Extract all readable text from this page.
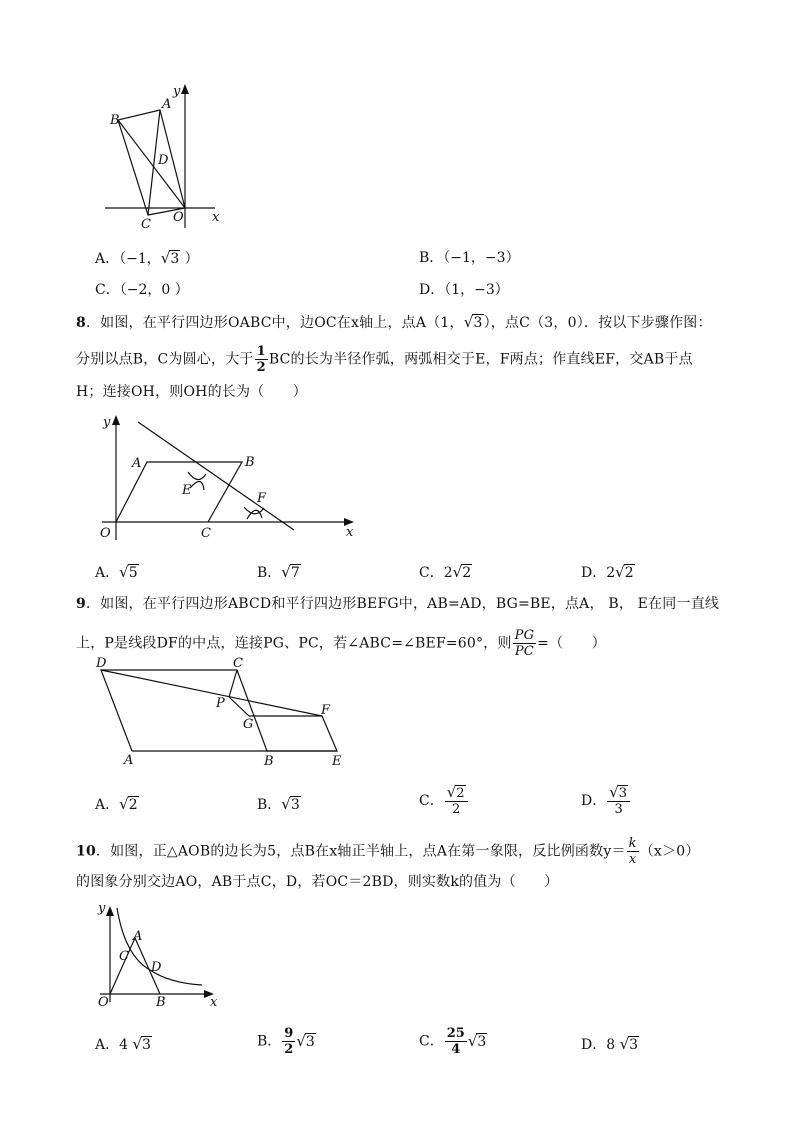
y
x
A
B
C
D
O
A．（−1，√3 ）	B．（−1，−3）
C．（−2，0 ）	D．（1，−3）
8．如图，在平行四边形OABC中，边OC在x轴上，点A（1，√3），点C（3，0）．按以下步骤作图：
分别以点B，C为圆心，大于 $\frac{1}{2}$ BC的长为半径作弧，两弧相交于E，F两点；作直线EF，交AB于点
H；连接OH，则OH的长为（　　）
y
x
A	B
C
E
F
O
A．√5	B．√7	C．2√2	D．2√2
9．如图，在平行四边形ABCD和平行四边形BEFG中，AB=AD，BG=BE，点A， B， E在同一直线
上，P是线段DF的中点，连接PG、PC，若∠ABC=∠BEF=60°，则 $\frac{PG}{PC}$ =（　　）
D	C
P
G
F
A	B	E
A．√2	B．√3	C． $\frac{√2}{2}$	D． $\frac{√3}{3}$
10．如图，正△AOB的边长为5，点B在x轴正半轴上，点A在第一象限，反比例函数$y= \frac{k}{x} (x>0)$
的图象分别交边AO，AB于点C，D，若OC＝2BD，则实数k的值为（　　）
y
x
A
C
D
B
O
A．4 √3	B． $\frac{9}{2} √3$	C． $\frac{25}{4} √3$	D．8 √3
